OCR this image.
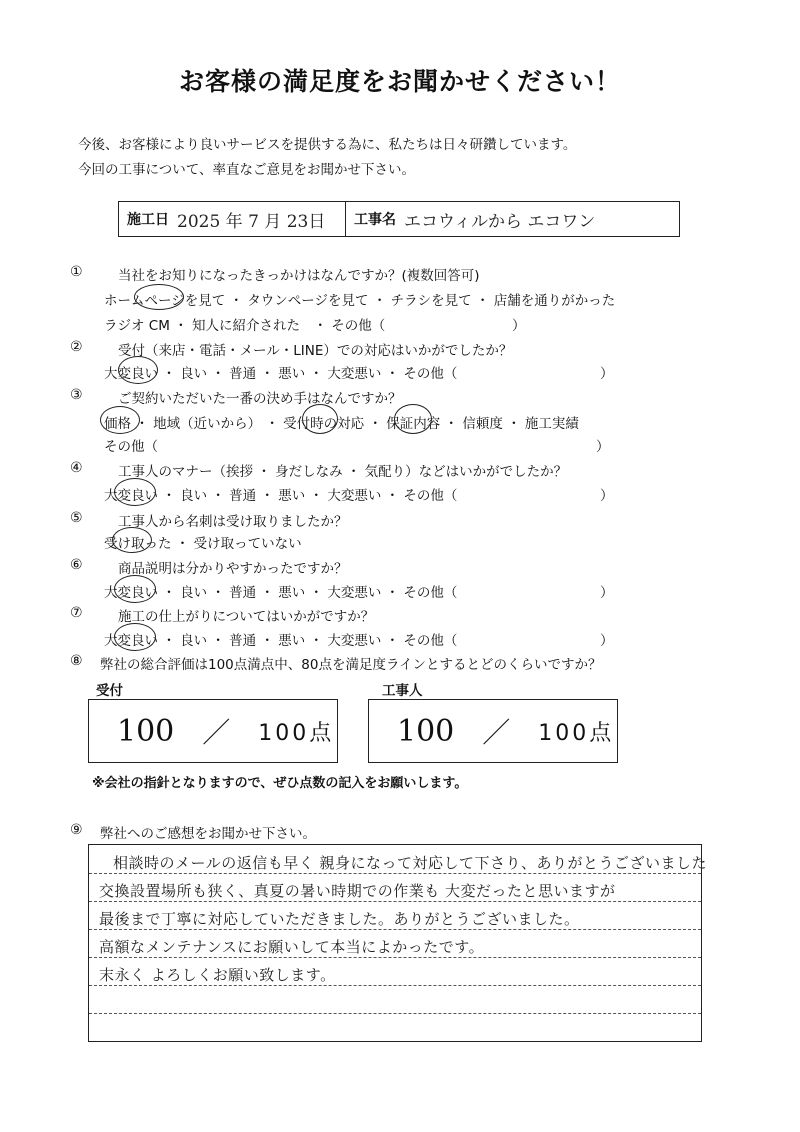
お客様の満足度をお聞かせください！
今後、お客様により良いサービスを提供する為に、私たちは日々研鑽しています。
今回の工事について、率直なご意見をお聞かせ下さい。
施工日 2025 年 7 月 23日 工事名 エコウィルから エコワン
①	当社をお知りになったきっかけはなんですか？(複数回答可)
ホームページを見て ・ タウンページを見て ・ チラシを見て ・ 店舗を通りがかった
ラジオ CM ・ 知人に紹介された　・ その他（	）
②	受付（来店・電話・メール・LINE）での対応はいかがでしたか？
大変良い ・ 良い ・ 普通 ・ 悪い ・ 大変悪い ・ その他（	）
③	ご契約いただいた一番の決め手はなんですか？
価格 ・ 地域（近いから） ・ 受付時の対応 ・ 保証内容 ・ 信頼度 ・ 施工実績
その他（	）
④	工事人のマナー（挨拶 ・ 身だしなみ ・ 気配り）などはいかがでしたか？
大変良い ・ 良い ・ 普通 ・ 悪い ・ 大変悪い ・ その他（	）
⑤	工事人から名刺は受け取りましたか？
受け取った ・ 受け取っていない
⑥	商品説明は分かりやすかったですか？
大変良い ・ 良い ・ 普通 ・ 悪い ・ 大変悪い ・ その他（	）
⑦	施工の仕上がりについてはいかがですか？
大変良い ・ 良い ・ 普通 ・ 悪い ・ 大変悪い ・ その他（	）
⑧ 弊社の総合評価は100点満点中、80点を満足度ラインとするとどのくらいですか？
受付
100 ／ 100点
工事人
100 ／ 100点
※会社の指針となりますので、ぜひ点数の記入をお願いします。
⑨ 弊社へのご感想をお聞かせ下さい。
相談時のメールの返信も早く 親身になって対応して下さり、ありがとうございました
交換設置場所も狭く、真夏の暑い時期での作業も 大変だったと思いますが
最後まで丁寧に対応していただきました。ありがとうございました。
高額なメンテナンスにお願いして本当によかったです。
末永く よろしくお願い致します。
